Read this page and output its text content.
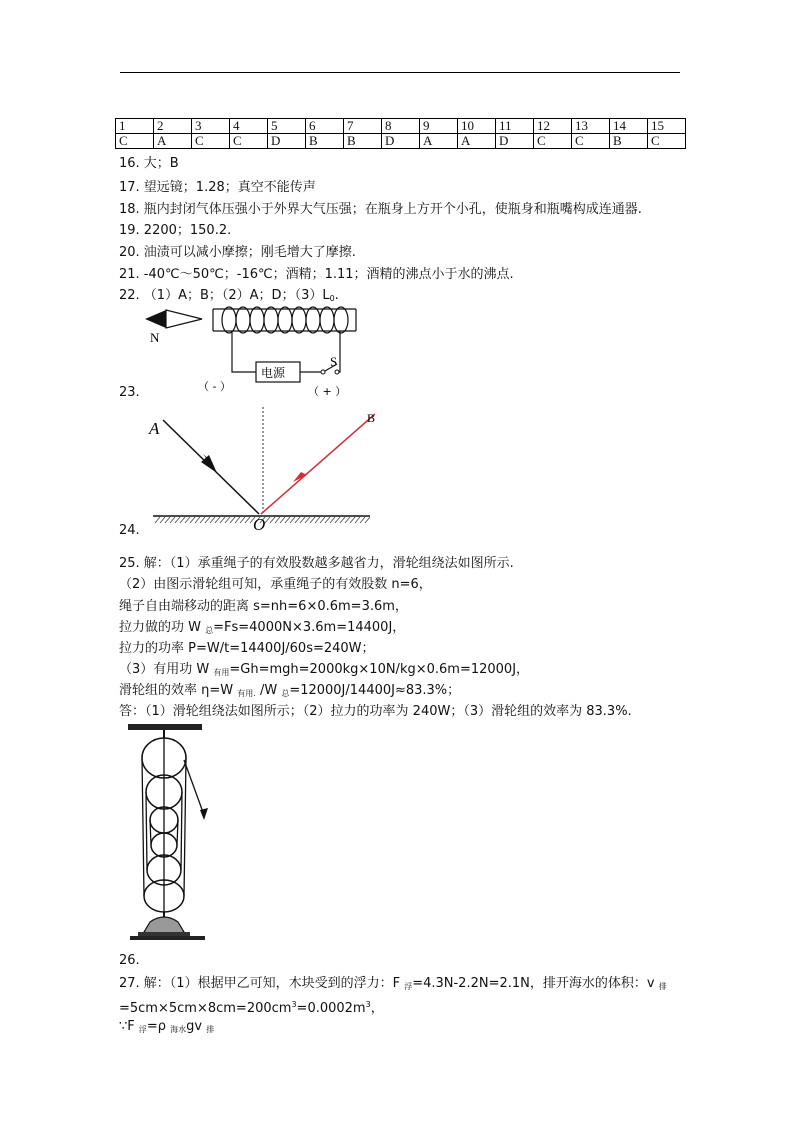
1	2	3	4	5	6	7	8	9	10	11	12	13	14	15
C	A	C	C	D	B	B	D	A	A	D	C	C	B	C
16. 大；B
17. 望远镜；1.28；真空不能传声
18. 瓶内封闭气体压强小于外界大气压强；在瓶身上方开个小孔，使瓶身和瓶嘴构成连通器.
19. 2200；150.2.
20. 油渍可以减小摩擦；刚毛增大了摩擦.
21. -40℃～50℃；-16℃；酒精；1.11；酒精的沸点小于水的沸点.
22. （1）A；B；（2）A；D；$(3)L_0$.
N
电源
S
（ - ）	（ + ）
23.
A
B
O
24.
25. 解：（1）承重绳子的有效股数越多越省力，滑轮组绕法如图所示.
（2）由图示滑轮组可知，承重绳子的有效股数 n=6，
绳子自由端移动的距离 s=nh=6×0.6m=3.6m，
拉力做的功 W $_总$=Fs=4000N×3.6m=14400J，
拉力的功率 P=W/t=14400J/60s=240W；
（3）有用功 W $_{有用}$=Gh=mgh=2000kg×10N/kg×0.6m=12000J，
滑轮组的效率 η=W $_{有用.}$ /W $_总$=12000J/14400J≈83.3%；
答：（1）滑轮组绕法如图所示；（2）拉力的功率为 240W；（3）滑轮组的效率为 83.3%.
26.
27. 解：（1）根据甲乙可知，木块受到的浮力：F $_浮$=4.3N-2.2N=2.1N，排开海水的体积：v $_排$
$=5cm\times 5cm\times 8cm=200cm^3=0.0002m^3$，
∵F $_浮$=ρ $_{海水}$gv $_排$
